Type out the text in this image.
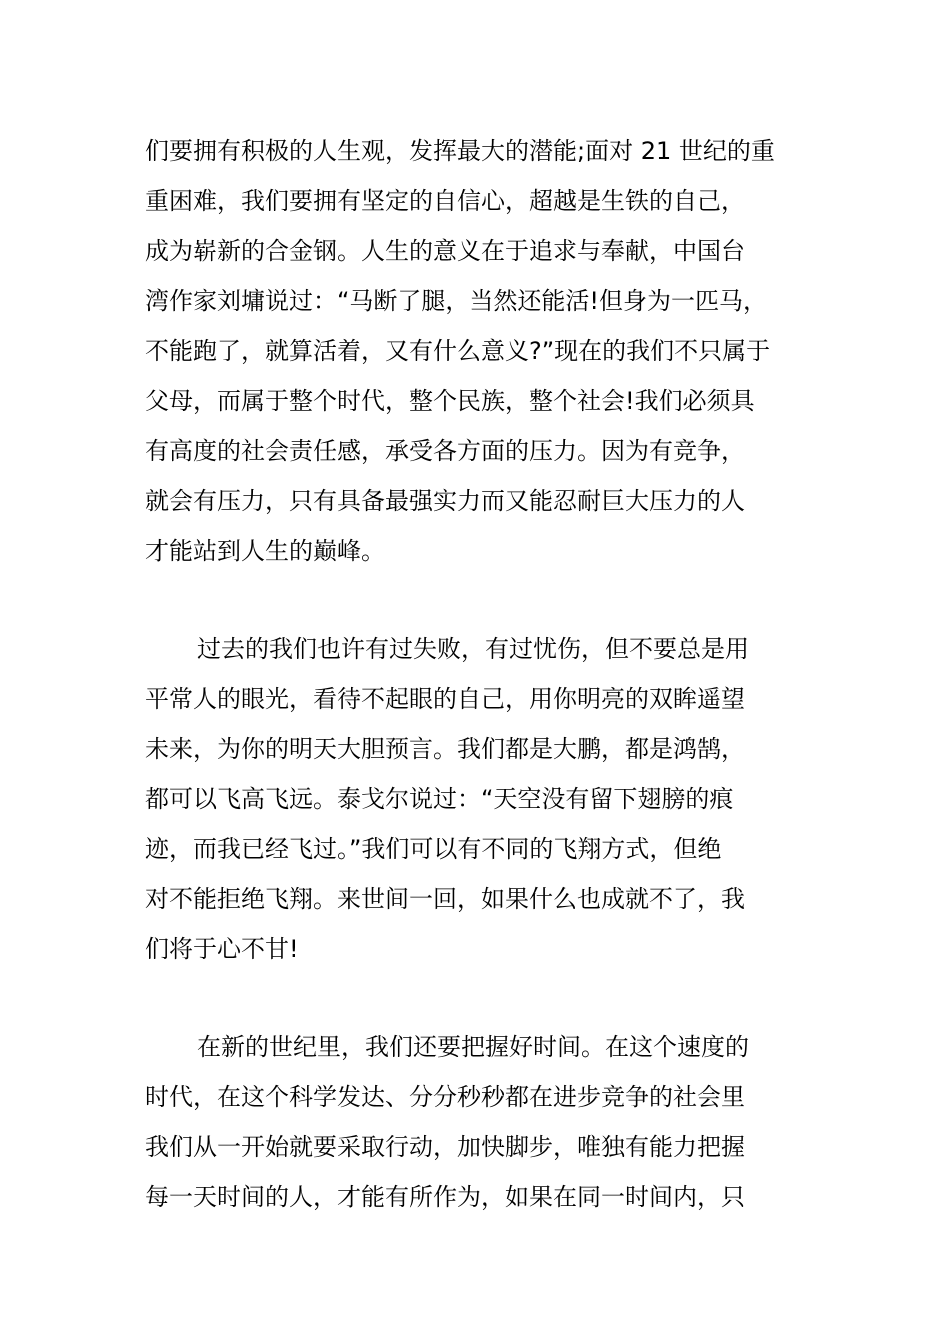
们要拥有积极的人生观，发挥最大的潜能;面对 21 世纪的重
重困难，我们要拥有坚定的自信心，超越是生铁的自己，
成为崭新的合金钢。人生的意义在于追求与奉献，中国台
湾作家刘墉说过：“马断了腿，当然还能活!但身为一匹马，
不能跑了，就算活着，又有什么意义?”现在的我们不只属于
父母，而属于整个时代，整个民族，整个社会!我们必须具
有高度的社会责任感，承受各方面的压力。因为有竞争，
就会有压力，只有具备最强实力而又能忍耐巨大压力的人
才能站到人生的巅峰。
过去的我们也许有过失败，有过忧伤，但不要总是用
平常人的眼光，看待不起眼的自己，用你明亮的双眸遥望
未来，为你的明天大胆预言。我们都是大鹏，都是鸿鹄，
都可以飞高飞远。泰戈尔说过：“天空没有留下翅膀的痕
迹，而我已经飞过。”我们可以有不同的飞翔方式，但绝
对不能拒绝飞翔。来世间一回，如果什么也成就不了，我
们将于心不甘!
在新的世纪里，我们还要把握好时间。在这个速度的
时代，在这个科学发达、分分秒秒都在进步竞争的社会里
我们从一开始就要采取行动，加快脚步，唯独有能力把握
每一天时间的人，才能有所作为，如果在同一时间内，只
